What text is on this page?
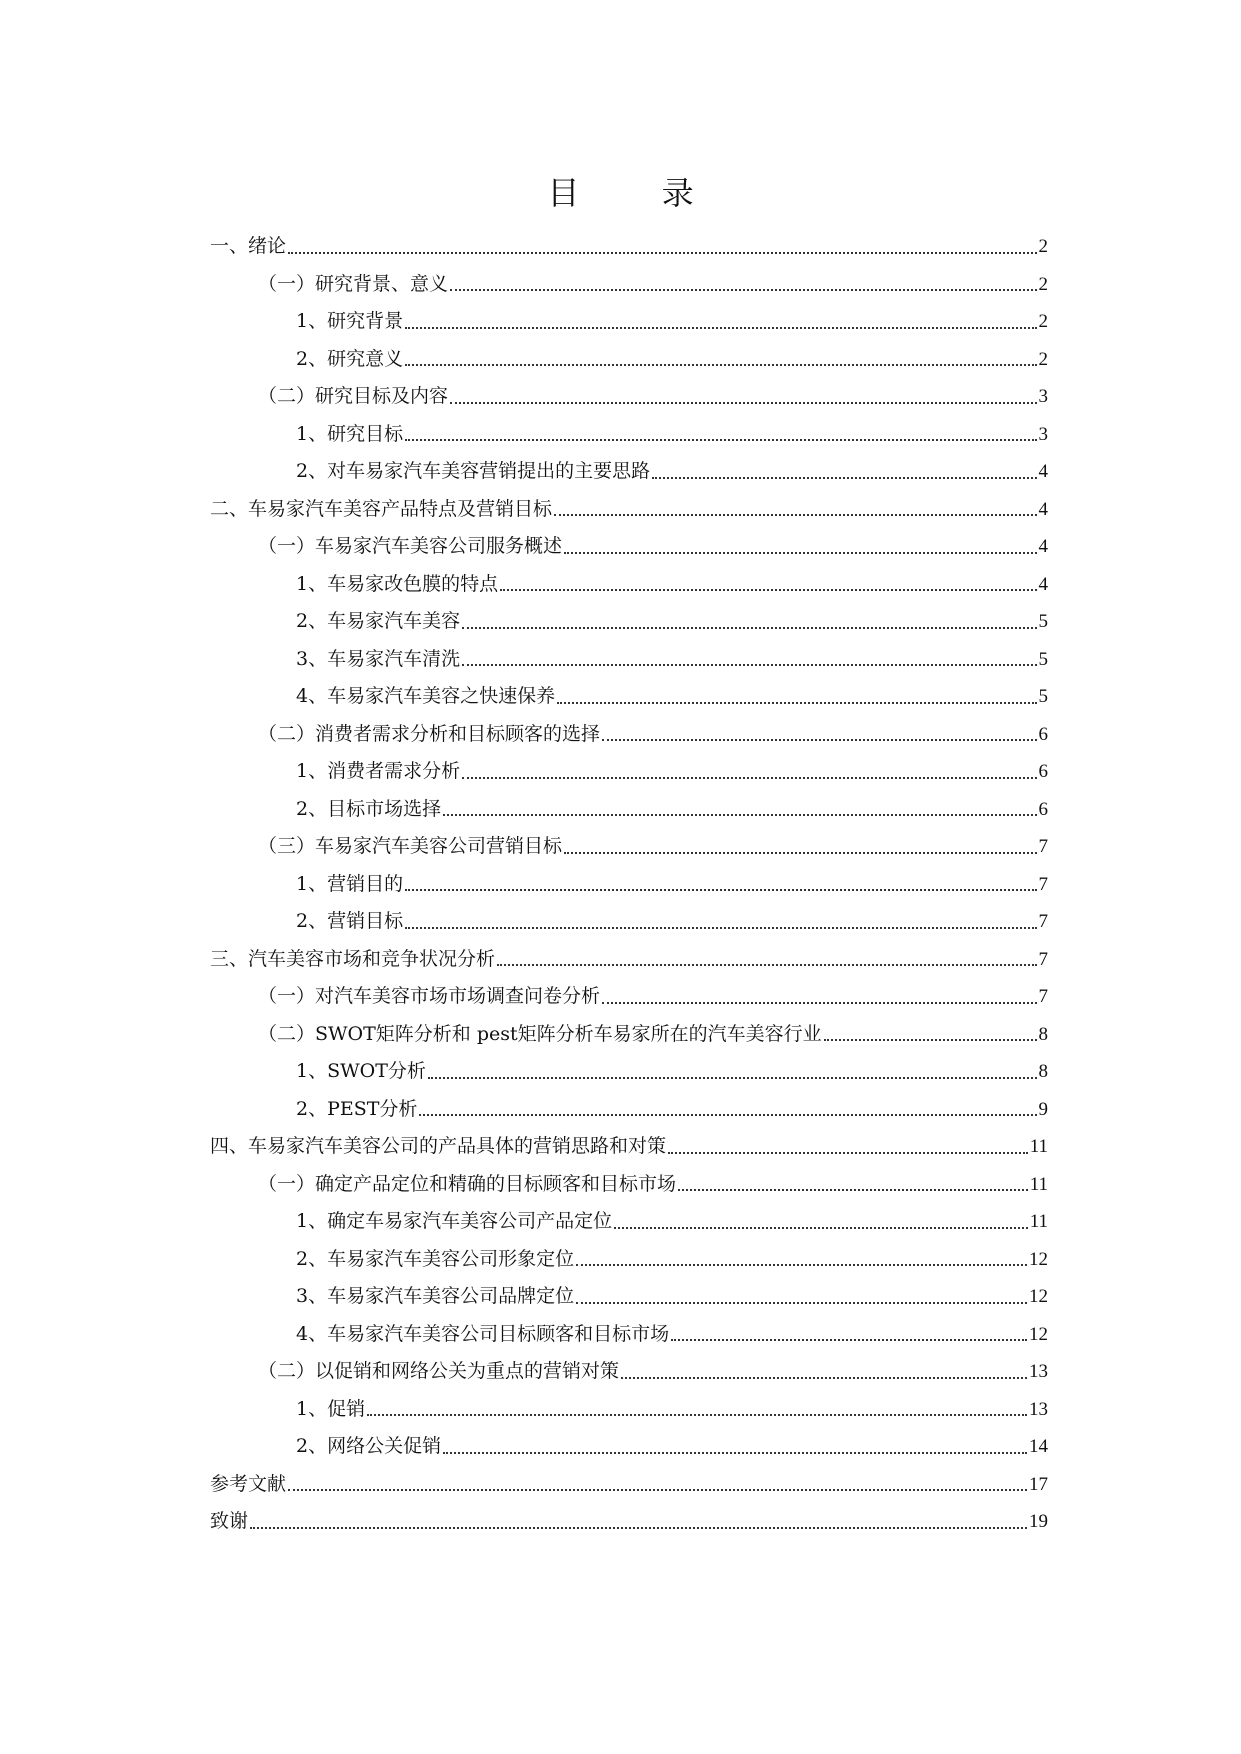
目 录
一、绪论	2
（一）研究背景、意义	2
1、研究背景	2
2、研究意义	2
（二）研究目标及内容	3
1、研究目标	3
2、对车易家汽车美容营销提出的主要思路	4
二、车易家汽车美容产品特点及营销目标	4
（一）车易家汽车美容公司服务概述	4
1、车易家改色膜的特点	4
2、车易家汽车美容	5
3、车易家汽车清洗	5
4、车易家汽车美容之快速保养	5
（二）消费者需求分析和目标顾客的选择	6
1、消费者需求分析	6
2、目标市场选择	6
（三）车易家汽车美容公司营销目标	7
1、营销目的	7
2、营销目标	7
三、汽车美容市场和竞争状况分析	7
（一）对汽车美容市场市场调查问卷分析	7
（二）SWOT矩阵分析和 pest矩阵分析车易家所在的汽车美容行业	8
1、SWOT分析	8
2、PEST分析	9
四、车易家汽车美容公司的产品具体的营销思路和对策	11
（一）确定产品定位和精确的目标顾客和目标市场	11
1、确定车易家汽车美容公司产品定位	11
2、车易家汽车美容公司形象定位	12
3、车易家汽车美容公司品牌定位	12
4、车易家汽车美容公司目标顾客和目标市场	12
（二）以促销和网络公关为重点的营销对策	13
1、促销	13
2、网络公关促销	14
参考文献	17
致谢	19
